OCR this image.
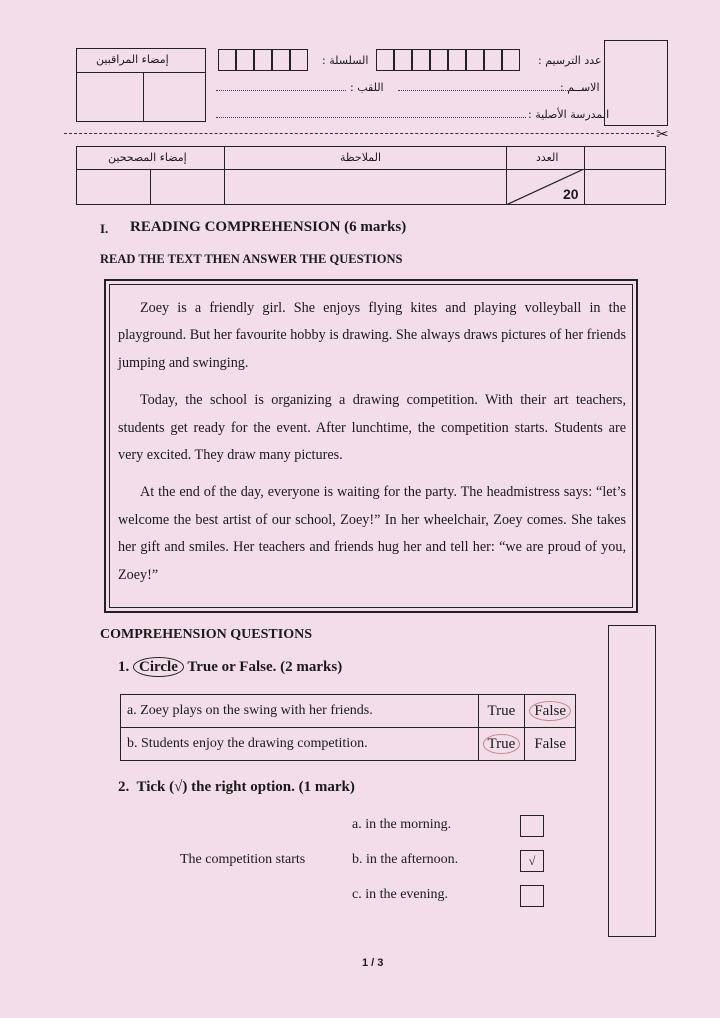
إمضاء المراقبين	السلسلة :	عدد الترسيم :
اللقب :	الاســم :
المدرسة الأصلية :
✂
إمضاء المصححين	الملاحظة	العدد
20
I. READING COMPREHENSION (6 marks)
READ THE TEXT THEN ANSWER THE QUESTIONS

Zoey is a friendly girl. She enjoys flying kites and playing volleyball in the playground. But her favourite hobby is drawing. She always draws pictures of her friends jumping and swinging.

Today, the school is organizing a drawing competition. With their art teachers, students get ready for the event. After lunchtime, the competition starts. Students are very excited. They draw many pictures.

At the end of the day, everyone is waiting for the party. The headmistress says: “let’s welcome the best artist of our school, Zoey!” In her wheelchair, Zoey comes. She takes her gift and smiles. Her teachers and friends hug her and tell her: “we are proud of you, Zoey!”

COMPREHENSION QUESTIONS
1. Circle True or False. (2 marks)
a. Zoey plays on the swing with her friends.	True	False
b. Students enjoy the drawing competition.	True	False
2.  Tick (√) the right option. (1 mark)
The competition starts
a. in the morning.
b. in the afternoon.	√
c. in the evening.
1 / 3
